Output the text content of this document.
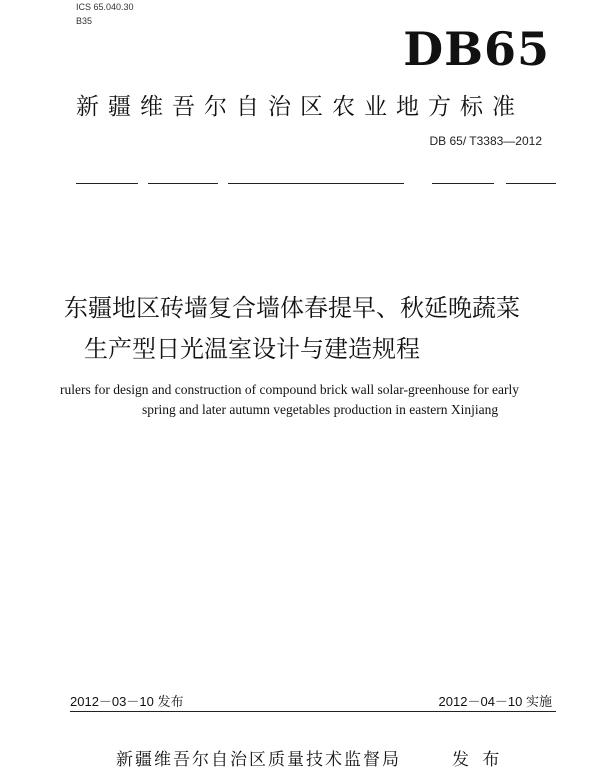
ICS 65.040.30
B35
DB65
新疆维吾尔自治区农业地方标准
DB 65/ T3383—2012
东疆地区砖墙复合墙体春提早、秋延晚蔬菜
生产型日光温室设计与建造规程
rulers for design and construction of compound brick wall solar-greenhouse for early
spring and later autumn vegetables production in eastern Xinjiang
2012－03－10 发布	2012－04－10 实施
新疆维吾尔自治区质量技术监督局	发 布
